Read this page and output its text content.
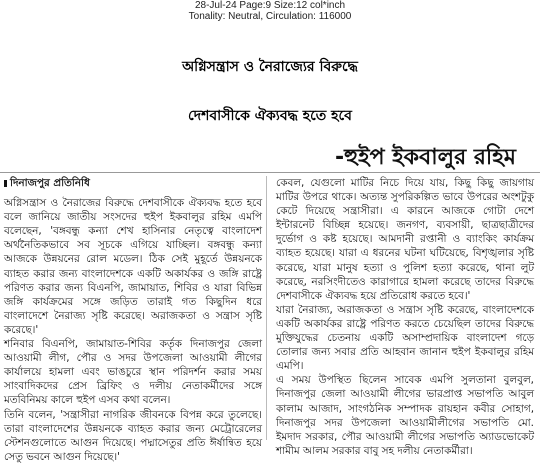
28-Jul-24 Page:9 Size:12 col*inch
Tonality: Neutral, Circulation: 116000
অগ্নিসন্ত্রাস ও নৈরাজ্যের বিরুদ্ধে
দেশবাসীকে ঐক্যবদ্ধ হতে হবে
-হুইপ ইকবালুর রহিম
দিনাজপুর প্রতিনিধি

অগ্নিসন্ত্রাস ও নৈরাজের বিরুদ্ধে দেশবাসীকে ঐক্যবদ্ধ হতে হবে বলে জানিয়ে জাতীয় সংসদের হুইপ ইকবালুর রহিম এমপি বলেছেন, 'বঙ্গবন্ধু কন্যা শেখ হাসিনার নেতৃত্বে বাংলাদেশ অর্থনৈতিকভাবে সব সূচকে এগিয়ে যাচ্ছিল। বঙ্গবন্ধু কন্যা আজকে উন্নয়নের রোল মডেল। ঠিক সেই মুহূর্তে উন্নয়নকে ব্যাহত করার জন্য বাংলাদেশকে একটি অকার্যকর ও জঙ্গি রাষ্ট্রে পরিণত করার জন্য বিএনপি, জামায়াত, শিবির ও যারা বিভিন্ন জঙ্গি কার্যক্রমের সঙ্গে জড়িত তারাই গত কিছুদিন ধরে বাংলাদেশে নৈরাজ্য সৃষ্টি করেছে। অরাজকতা ও সন্ত্রাস সৃষ্টি করেছে।'

শনিবার বিএনপি, জামায়াত-শিবির কর্তৃক দিনাজপুর জেলা আওয়ামী লীগ, পৌর ও সদর উপজেলা আওয়ামী লীগের কার্যালয়ে হামলা এবং ভাঙচুরে স্থান পরিদর্শন করার সময় সাংবাদিকদের প্রেস ব্রিফিং ও দলীয় নেতাকর্মীদের সঙ্গে মতবিনিময় কালে হুইপ এসব কথা বলেন।

তিনি বলেন, 'সন্ত্রাসীরা নাগরিক জীবনকে বিপন্ন করে তুলেছে। তারা বাংলাদেশের উন্নয়নকে ব্যাহত করার জন্য মেট্রোরেলের স্টেশনগুলোতে আগুন দিয়েছে। পদ্মাসেতুর প্রতি ঈর্ষান্বিত হয়ে সেতু ভবনে আগুন দিয়েছে।'

কেবল, যেগুলো মাটির নিচে দিয়ে যায়, কিছু কিছু জায়গায় মাটির উপরে থাকে। অত্যন্ত সুপরিকল্পিত ভাবে উপরের অংশটুকু কেটে দিয়েছে সন্ত্রাসীরা। এ কারনে আজকে গোটা দেশে ইন্টারনেট বিচ্ছিন্ন হয়েছে। জনগণ, ব্যবসায়ী, ছাত্রছাত্রীদের দুর্ভোগ ও কষ্ট হয়েছে। আমদানী রপ্তানী ও ব্যাংকিং কার্যক্রম ব্যাহত হয়েছে। যারা এ ধরনের ঘটনা ঘটিয়েছে, বিশৃঙ্খলার সৃষ্টি করেছে, যারা মানুষ হত্যা ও পুলিশ হত্যা করেছে, থানা লুট করেছে, নরসিংদীতেও কারাগারে হামলা করেছে তাদের বিরুদ্ধে দেশবাসীকে ঐক্যবদ্ধ হয়ে প্রতিরোধ করতে হবে।'

যারা নৈরাজ্য, অরাজকতা ও সন্ত্রাস সৃষ্টি করেছে, বাংলাদেশকে একটি অকার্যকর রাষ্ট্রে পরিণত করতে চেয়েছিল তাদের বিরুদ্ধে মুক্তিযুদ্ধের চেতনায় একটি অসাম্প্রদায়িক বাংলাদেশ গড়ে তোলার জন্য সবার প্রতি আহবান জানান হুইপ ইকবালুর রহিম এমপি।

এ সময় উপস্থিত ছিলেন সাবেক এমপি সুলতানা বুলবুল, দিনাজপুর জেলা আওয়ামী লীগের ভারপ্রাপ্ত সভাপতি আবুল কালাম আজাদ, সাংগঠনিক সম্পাদক রায়হান কবীর সোহাগ, দিনাজপুর সদর উপজেলা আওয়ামীলীগের সভাপতি মো. ইমদাদ সরকার, পৌর আওয়ামী লীগের সভাপতি অ্যাডভোকেট শামীম আলম সরকার বাবু সহ দলীয় নেতাকর্মীরা।
